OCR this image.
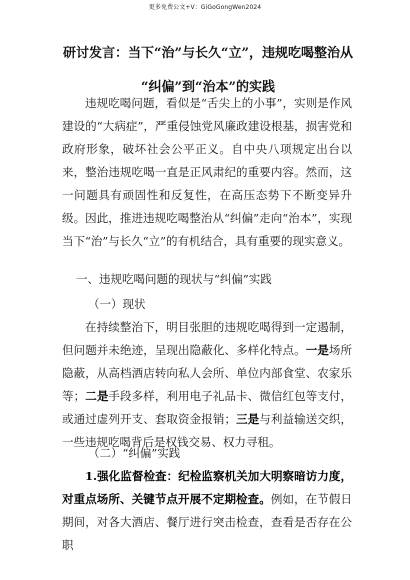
更多免费公文+V：GiGoGongWen2024
研讨发言：当下“治”与长久“立”，违规吃喝整治从
“纠偏”到“治本”的实践

违规吃喝问题，看似是“舌尖上的小事”，实则是作风建设的“大病症”，严重侵蚀党风廉政建设根基，损害党和政府形象，破坏社会公平正义。自中央八项规定出台以来，整治违规吃喝一直是正风肃纪的重要内容。然而，这一问题具有顽固性和反复性，在高压态势下不断变异升级。因此，推进违规吃喝整治从“纠偏”走向“治本”，实现当下“治”与长久“立”的有机结合，具有重要的现实意义。

一、违规吃喝问题的现状与“纠偏”实践
（一）现状

在持续整治下，明目张胆的违规吃喝得到一定遏制，但问题并未绝迹，呈现出隐蔽化、多样化特点。一是场所隐蔽，从高档酒店转向私人会所、单位内部食堂、农家乐等；二是手段多样，利用电子礼品卡、微信红包等支付，或通过虚列开支、套取资金报销；三是与利益输送交织，一些违规吃喝背后是权钱交易、权力寻租。

（二）“纠偏”实践

1.强化监督检查：纪检监察机关加大明察暗访力度，对重点场所、关键节点开展不定期检查。例如，在节假日期间，对各大酒店、餐厅进行突击检查，查看是否存在公职
